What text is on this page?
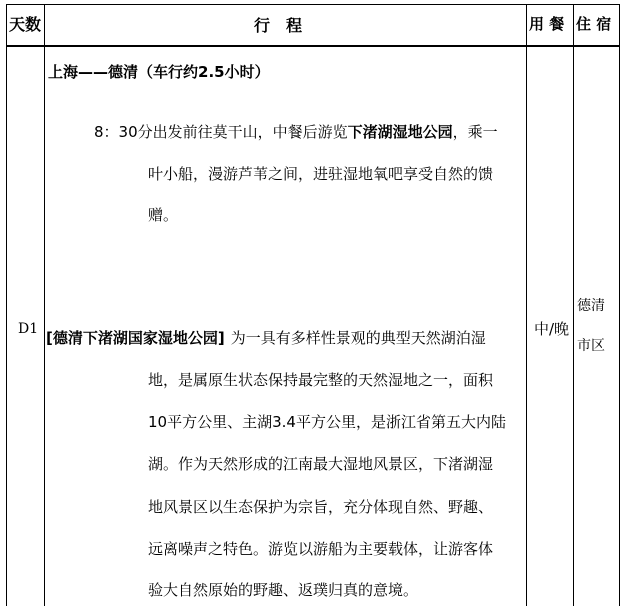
天数	行　程	用 餐 住 宿
D1
上海——德清（车行约2.5小时）
8：30分出发前往莫干山，中餐后游览下渚湖湿地公园，乘一
叶小船，漫游芦苇之间，进驻湿地氧吧享受自然的馈
赠。
[德清下渚湖国家湿地公园] 为一具有多样性景观的典型天然湖泊湿
地，是属原生状态保持最完整的天然湿地之一，面积
10平方公里、主湖3.4平方公里，是浙江省第五大内陆
湖。作为天然形成的江南最大湿地风景区，下渚湖湿
地风景区以生态保护为宗旨，充分体现自然、野趣、
远离噪声之特色。游览以游船为主要载体，让游客体
验大自然原始的野趣、返璞归真的意境。
中/晚
德清
市区
